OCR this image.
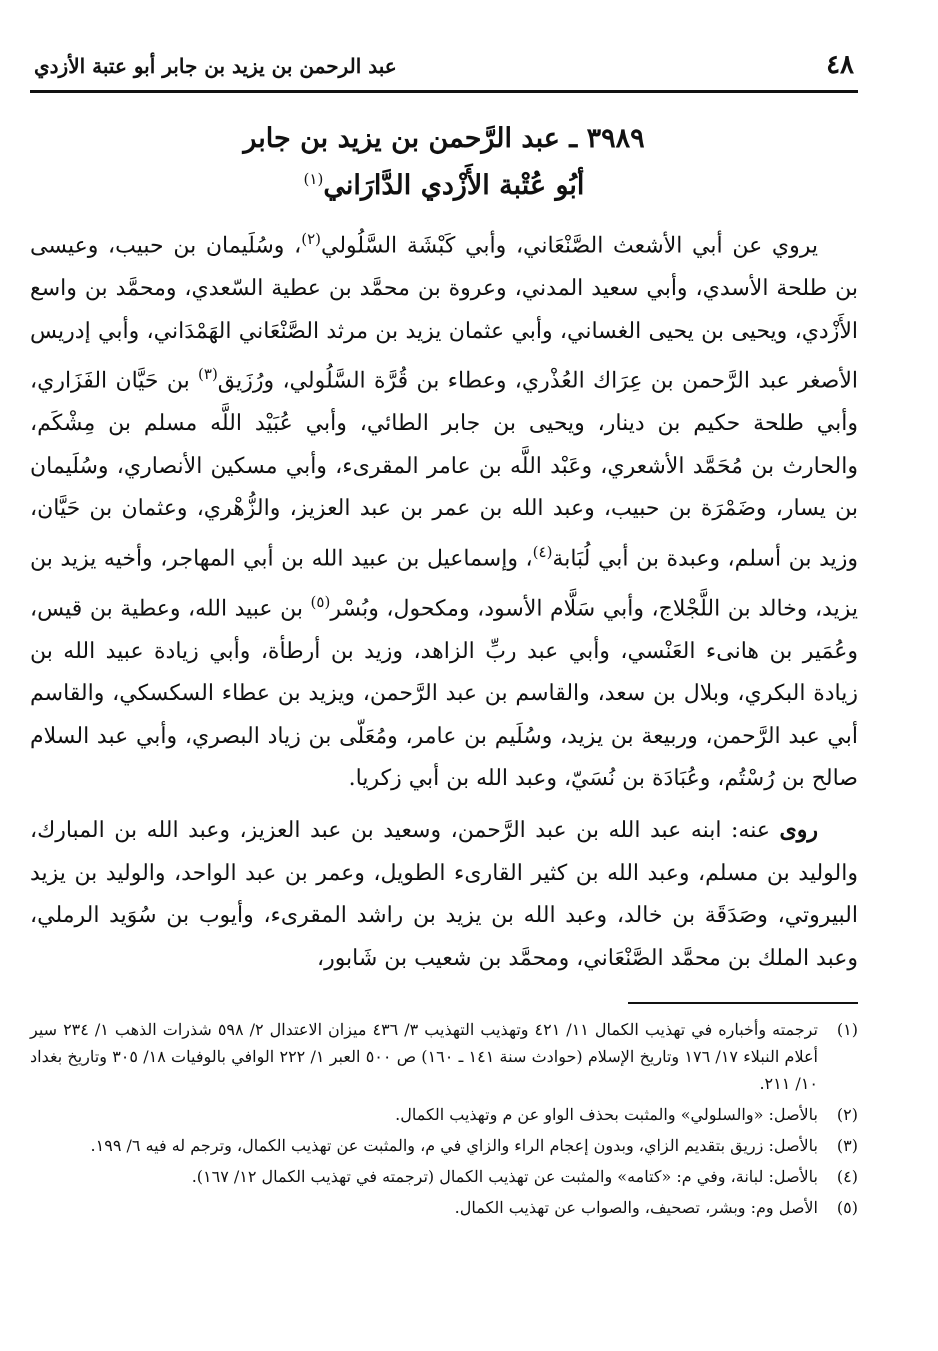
٤٨
عبد الرحمن بن يزيد بن جابر أبو عتبة الأزدي
٣٩٨٩ ـ عبد الرَّحمن بن يزيد بن جابر
أبُو عُتْبة الأَزْدي الدَّارَاني$^{(١)}$

يروي عن أبي الأشعث الصَّنْعَاني، وأبي كَبْشَة السَّلُولي$^{(٢)}$، وسُلَيمان بن حبيب، وعيسى بن طلحة الأسدي، وأبي سعيد المدني، وعروة بن محمَّد بن عطية السّعدي، ومحمَّد بن واسع الأَزْدي، ويحيى بن يحيى الغساني، وأبي عثمان يزيد بن مرثد الصَّنْعَاني الهَمْدَاني، وأبي إدريس الأصغر عبد الرَّحمن بن عِرَاك العُذْري، وعطاء بن قُرَّة السَّلُولي، ورُزَيق$^{(٣)}$ بن حَيَّان الفَزَاري، وأبي طلحة حكيم بن دينار، ويحيى بن جابر الطائي، وأبي عُبَيْد اللَّه مسلم بن مِشْكَم، والحارث بن مُحَمَّد الأشعري، وعَبْد اللَّه بن عامر المقرىء، وأبي مسكين الأنصاري، وسُلَيمان بن يسار، وضَمْرَة بن حبيب، وعبد الله بن عمر بن عبد العزيز، والزُّهْري، وعثمان بن حَيَّان، وزيد بن أسلم، وعبدة بن أبي لُبَابة$^{(٤)}$، وإسماعيل بن عبيد الله بن أبي المهاجر، وأخيه يزيد بن يزيد، وخالد بن اللَّجْلاج، وأبي سَلَّام الأسود، ومكحول، وبُسْر$^{(٥)}$ بن عبيد الله، وعطية بن قيس، وعُمَير بن هانىء العَنْسي، وأبي عبد ربِّ الزاهد، وزيد بن أرطأة، وأبي زيادة عبيد الله بن زيادة البكري، وبلال بن سعد، والقاسم بن عبد الرَّحمن، ويزيد بن عطاء السكسكي، والقاسم أبي عبد الرَّحمن، وربيعة بن يزيد، وسُلَيم بن عامر، ومُعَلّى بن زياد البصري، وأبي عبد السلام صالح بن رُسْتُم، وعُبَادَة بن نُسَيّ، وعبد الله بن أبي زكريا.

روى عنه: ابنه عبد الله بن عبد الرَّحمن، وسعيد بن عبد العزيز، وعبد الله بن المبارك، والوليد بن مسلم، وعبد الله بن كثير القارىء الطويل، وعمر بن عبد الواحد، والوليد بن يزيد البيروتي، وصَدَقَة بن خالد، وعبد الله بن يزيد بن راشد المقرىء، وأيوب بن سُوَيد الرملي، وعبد الملك بن محمَّد الصَّنْعَاني، ومحمَّد بن شعيب بن شَابور،

(١)
ترجمته وأخباره في تهذيب الكمال ١١/ ٤٢١ وتهذيب التهذيب ٣/ ٤٣٦ ميزان الاعتدال ٢/ ٥٩٨ شذرات الذهب ١/ ٢٣٤ سير أعلام النبلاء ١٧/ ١٧٦ وتاريخ الإسلام (حوادث سنة ١٤١ ـ ١٦٠) ص ٥٠٠ العبر ١/ ٢٢٢ الوافي بالوفيات ١٨/ ٣٠٥ وتاريخ بغداد ١٠/ ٢١١.
(٢)
بالأصل: «والسلولي» والمثبت بحذف الواو عن م وتهذيب الكمال.
(٣)
بالأصل: زريق بتقديم الزاي، وبدون إعجام الراء والزاي في م، والمثبت عن تهذيب الكمال، وترجم له فيه ٦/ ١٩٩.
(٤)
بالأصل: لبانة، وفي م: «كتامه» والمثبت عن تهذيب الكمال (ترجمته في تهذيب الكمال ١٢/ ١٦٧).
(٥)
الأصل وم: وبشر، تصحيف، والصواب عن تهذيب الكمال.
